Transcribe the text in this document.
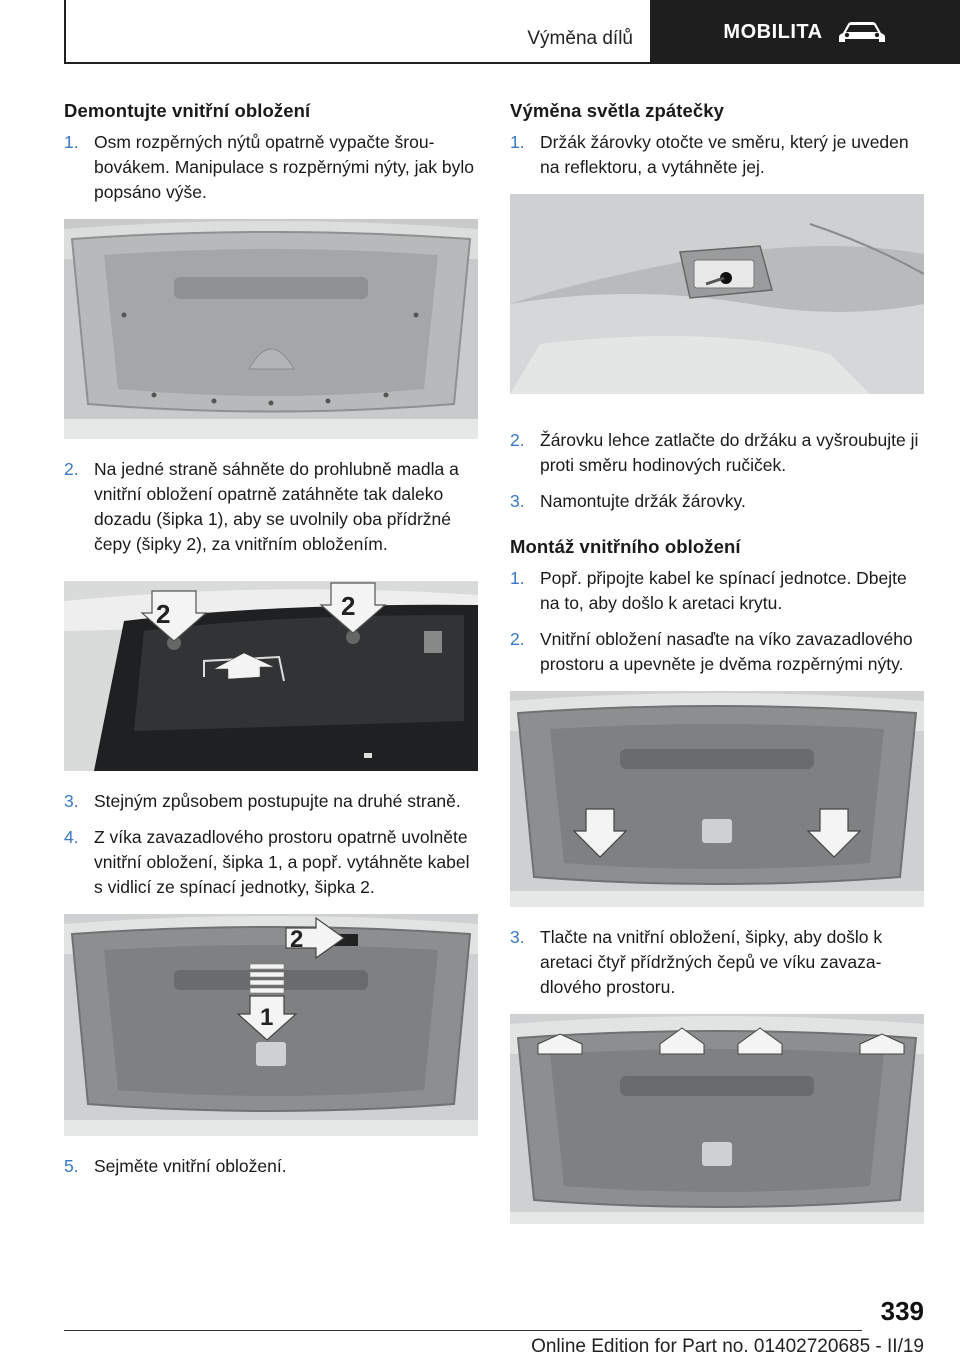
Výměna dílů	MOBILITA
Demontujte vnitřní obložení
1. Osm rozpěrných nýtů opatrně vypačte šroubovákem. Manipulace s rozpěrnými nýty, jak bylo popsáno výše.
2. Na jedné straně sáhněte do prohlubně madla a vnitřní obložení opatrně zatáhněte tak daleko dozadu (šipka 1), aby se uvolnily oba přídržné čepy (šipky 2), za vnitřním obložením.
2	2
3. Stejným způsobem postupujte na druhé straně.
4. Z víka zavazadlového prostoru opatrně uvolněte vnitřní obložení, šipka 1, a popř. vytáhněte kabel s vidlicí ze spínací jednotky, šipka 2.
2
1
5. Sejměte vnitřní obložení.
Výměna světla zpátečky
1. Držák žárovky otočte ve směru, který je uveden na reflektoru, a vytáhněte jej.
2. Žárovku lehce zatlačte do držáku a vyšroubujte ji proti směru hodinových ručiček.
3. Namontujte držák žárovky.
Montáž vnitřního obložení
1. Popř. připojte kabel ke spínací jednotce. Dbejte na to, aby došlo k aretaci krytu.
2. Vnitřní obložení nasaďte na víko zavazadlového prostoru a upevněte je dvěma rozpěrnými nýty.
3. Tlačte na vnitřní obložení, šipky, aby došlo k aretaci čtyř přídržných čepů ve víku zavazadlového prostoru.
339
Online Edition for Part no. 01402720685 - II/19
